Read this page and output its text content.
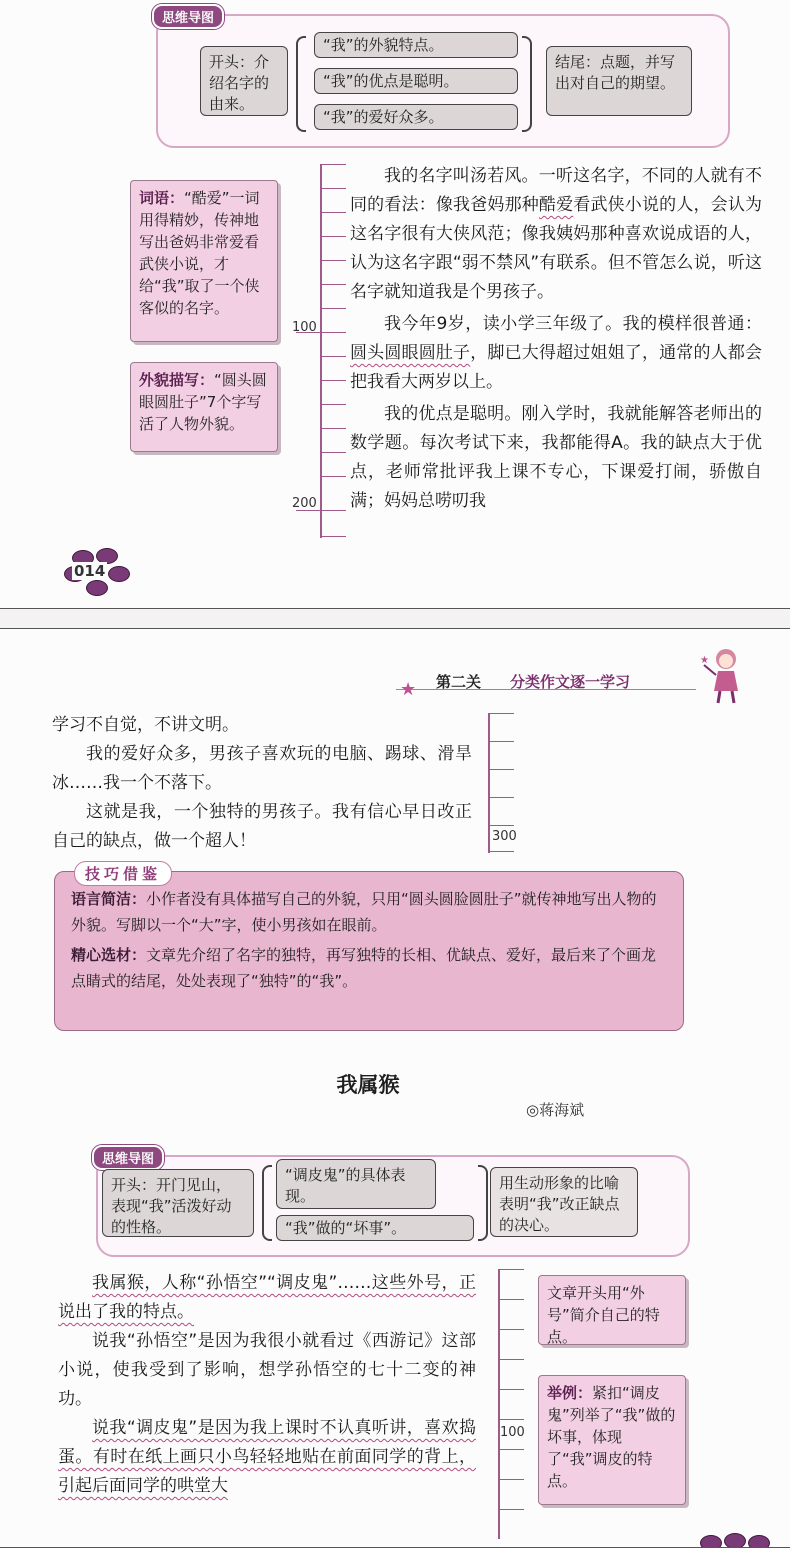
思维导图
开头：介绍名字的由来。
“我”的外貌特点。
“我”的优点是聪明。
“我”的爱好众多。
结尾：点题，并写出对自己的期望。
词语：“酷爱”一词用得精妙，传神地写出爸妈非常爱看武侠小说，才给“我”取了一个侠客似的名字。
外貌描写：“圆头圆眼圆肚子”7个字写活了人物外貌。
100
200

我的名字叫汤若风。一听这名字，不同的人就有不同的看法：像我爸妈那种酷爱看武侠小说的人，会认为这名字很有大侠风范；像我姨妈那种喜欢说成语的人，认为这名字跟“弱不禁风”有联系。但不管怎么说，听这名字就知道我是个男孩子。

我今年9岁，读小学三年级了。我的模样很普通：圆头圆眼圆肚子，脚已大得超过姐姐了，通常的人都会把我看大两岁以上。

我的优点是聪明。刚入学时，我就能解答老师出的数学题。每次考试下来，我都能得A。我的缺点大于优点，老师常批评我上课不专心，下课爱打闹，骄傲自满；妈妈总唠叨我

014
★ 第二关 分类作文逐一学习
★

学习不自觉，不讲文明。

我的爱好众多，男孩子喜欢玩的电脑、踢球、滑旱冰……我一个不落下。

这就是我，一个独特的男孩子。我有信心早日改正自己的缺点，做一个超人！	300
语言简洁：小作者没有具体描写自己的外貌，只用“圆头圆脸圆肚子”就传神地写出人物的外貌。写脚以一个“大”字，使小男孩如在眼前。
精心选材：文章先介绍了名字的独特，再写独特的长相、优缺点、爱好，最后来了个画龙点睛式的结尾，处处表现了“独特”的“我”。
技巧借鉴
我属猴
◎蒋海斌
思维导图
开头：开门见山，表现“我”活泼好动的性格。
“调皮鬼”的具体表现。
“我”做的“坏事”。
用生动形象的比喻表明“我”改正缺点的决心。

我属猴，人称“孙悟空”“调皮鬼”……这些外号，正说出了我的特点。

说我“孙悟空”是因为我很小就看过《西游记》这部小说，使我受到了影响，想学孙悟空的七十二变的神功。

说我“调皮鬼”是因为我上课时不认真听讲，喜欢捣蛋。有时在纸上画只小鸟轻轻地贴在前面同学的背上，引起后面同学的哄堂大

100
文章开头用“外号”简介自己的特点。
举例：紧扣“调皮鬼”列举了“我”做的坏事，体现了“我”调皮的特点。
